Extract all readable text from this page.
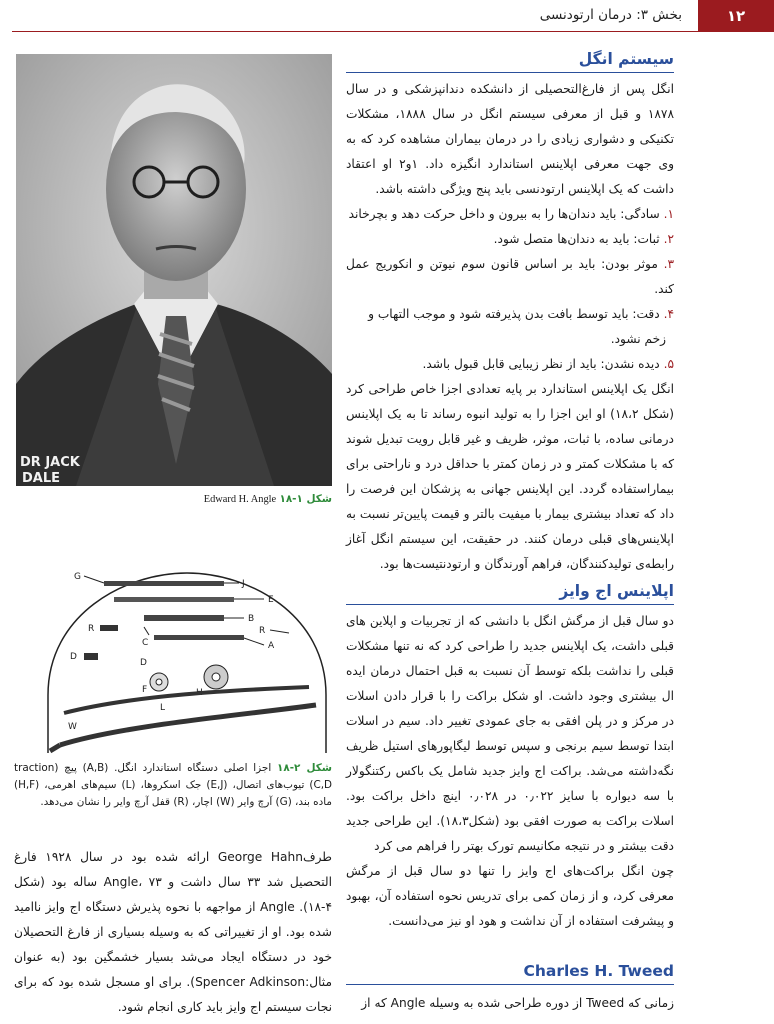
۱۲
بخش ۳: درمان ارتودنسی
سیستم انگل

انگل پس از فارغ‌التحصیلی از دانشکده دندانپزشکی و در سال ۱۸۷۸ و قبل از معرفی سیستم انگل در سال ۱۸۸۸، مشکلات تکنیکی و دشواری زیادی را در درمان بیماران مشاهده کرد که به وی جهت معرفی اپلاینس استاندارد انگیزه داد. ۱و۲ او اعتقاد داشت که یک اپلاینس ارتودنسی باید پنج ویژگی داشته باشد.

۱. سادگی: باید دندان‌ها را به بیرون و داخل حرکت دهد و بچرخاند
۲. ثبات: باید به دندان‌ها متصل شود.
۳. موثر بودن: باید بر اساس قانون سوم نیوتن و انکوریج عمل کند.
۴. دقت: باید توسط بافت بدن پذیرفته شود و موجب التهاب و
زخم نشود.
۵. دیده نشدن: باید از نظر زیبایی قابل قبول باشد.

انگل یک اپلاینس استاندارد بر پایه تعدادی اجزا خاص طراحی کرد (شکل ۱۸،۲) او این اجزا را به تولید انبوه رساند تا به یک اپلاینس درمانی ساده، با ثبات، موثر، ظریف و غیر قابل رویت تبدیل شوند که با مشکلات کمتر و در زمان کمتر با حداقل درد و ناراحتی برای بیماراستفاده گردد. این اپلاینس جهانی به پزشکان این فرصت را داد که تعداد بیشتری بیمار با میفیت بالتر و قیمت پایین‌تر نسبت به اپلاینس‌های قبلی درمان کنند. در حقیقت، این سیستم انگل آغاز رابطه‌ی تولیدکنندگان، فراهم آورندگان و ارتودنتیست‌ها بود.

اپلاینس اج وایز

دو سال قبل از مرگش انگل با دانشی که از تجربیات و اپلاین های قبلی داشت، یک اپلاینس جدید را طراحی کرد که نه تنها مشکلات قبلی را نداشت بلکه توسط آن نسبت به قبل احتمال درمان ایده ال بیشتری وجود داشت. او شکل براکت را با قرار دادن اسلات در مرکز و در پلن افقی به جای عمودی تغییر داد. سیم در اسلات ابتدا توسط سیم برنجی و سپس توسط لیگاپورهای استیل ظریف نگه‌داشته می‌شد. براکت اج وایز جدید شامل یک باکس رکتنگولار با سه دیواره با سایز ۰٫۰۲۲ در ۰٫۰۲۸ اینچ داخل براکت بود. اسلات براکت به صورت افقی بود (شکل۱۸،۳). این طراحی جدید دقت بیشتر و در نتیجه مکانیسم تورک بهتر را فراهم می کرد

چون انگل براکت‌های اج وایز را تنها دو سال قبل از مرگش معرفی کرد، و از زمان کمی برای تدریس نحوه استفاده آن، بهبود و پیشرفت استفاده از آن نداشت و هود او نیز می‌دانست.

Charles H. Tweed

زمانی که Tweed از دوره طراحی شده به وسیله Angle که از

DR JACK
DALE
شکل ۱-۱۸ Edward H. Angle
G
J
E
R
B
R
C	A
D
D
F	H
L
W
شکل ۲-۱۸ اجزا اصلی دستگاه استاندارد انگل. (A,B) پیچ (traction (C,D تیوب‌های اتصال، (E,J) جک اسکروها، (L) سیم‌های اهرمی، (H,F) ماده بند، (G) آرچ وایر (W) اچار، (R) قفل آرچ وایر را نشان می‌دهد.

طرفGeorge Hahn ارائه شده بود در سال ۱۹۲۸ فارغ التحصیل شد ۳۳ سال داشت و Angle، ۷۳ ساله بود (شکل ۴-۱۸). Angle از مواجهه با نحوه پذیرش دستگاه اج وایز ناامید شده بود. او از تغییراتی که به وسیله بسیاری از فارغ التحصیلان خود در دستگاه ایجاد می‌شد بسیار خشمگین بود (به عنوان مثال:Spencer Adkinson). برای او مسجل شده بود که برای نجات سیستم اج وایز باید کاری انجام شود.
